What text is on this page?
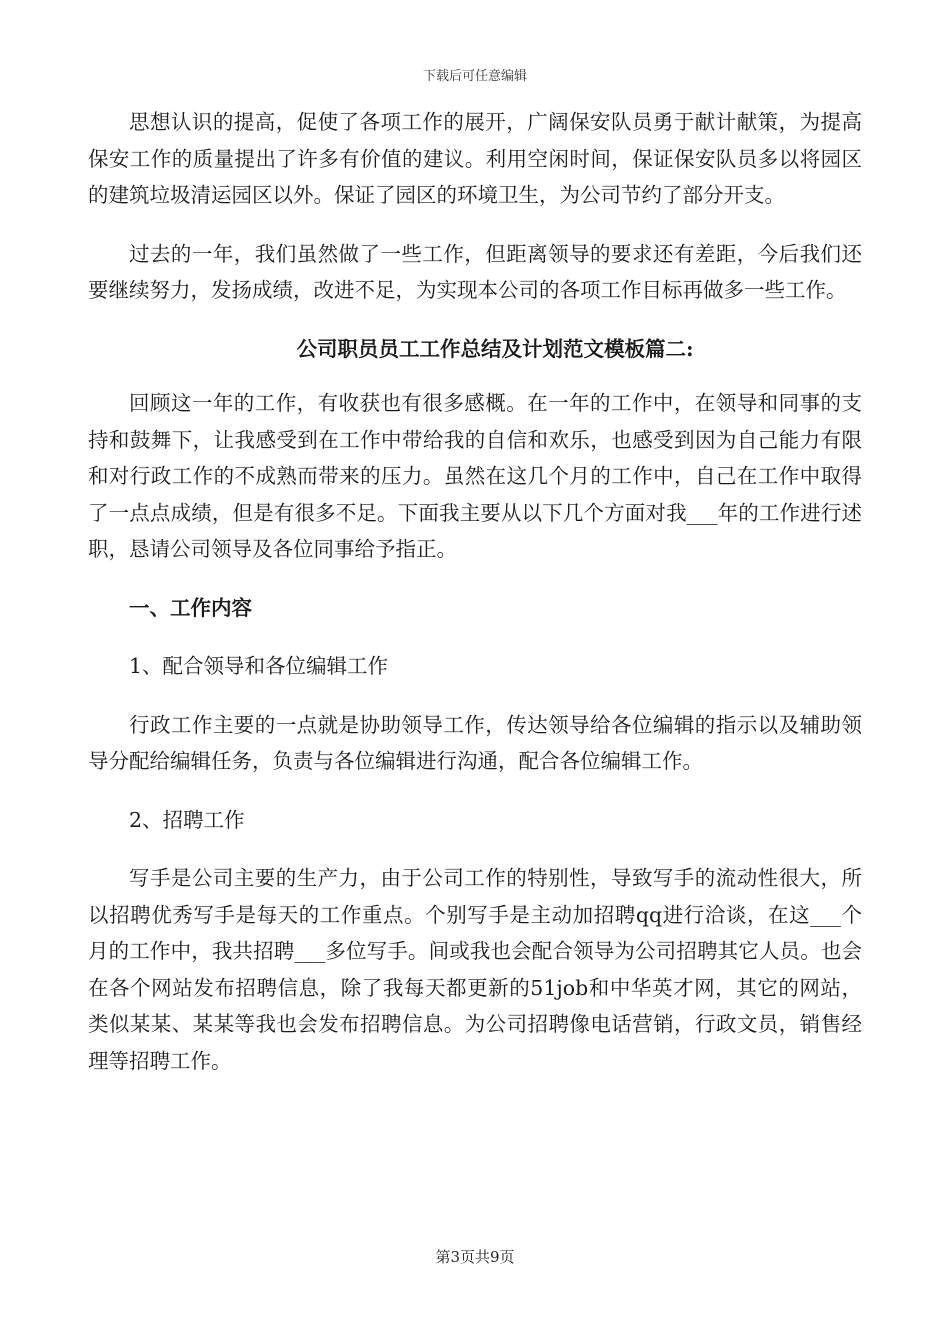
下载后可任意编辑

思想认识的提高，促使了各项工作的展开，广阔保安队员勇于献计献策，为提高保安工作的质量提出了许多有价值的建议。利用空闲时间，保证保安队员多以将园区的建筑垃圾清运园区以外。保证了园区的环境卫生，为公司节约了部分开支。

过去的一年，我们虽然做了一些工作，但距离领导的要求还有差距，今后我们还要继续努力，发扬成绩，改进不足，为实现本公司的各项工作目标再做多一些工作。

公司职员员工工作总结及计划范文模板篇二:

回顾这一年的工作，有收获也有很多感概。在一年的工作中，在领导和同事的支持和鼓舞下，让我感受到在工作中带给我的自信和欢乐，也感受到因为自己能力有限和对行政工作的不成熟而带来的压力。虽然在这几个月的工作中，自己在工作中取得了一点点成绩，但是有很多不足。下面我主要从以下几个方面对我___年的工作进行述职，恳请公司领导及各位同事给予指正。

一、工作内容

1、配合领导和各位编辑工作

行政工作主要的一点就是协助领导工作，传达领导给各位编辑的指示以及辅助领导分配给编辑任务，负责与各位编辑进行沟通，配合各位编辑工作。

2、招聘工作

写手是公司主要的生产力，由于公司工作的特别性，导致写手的流动性很大，所以招聘优秀写手是每天的工作重点。个别写手是主动加招聘qq进行洽谈，在这___个月的工作中，我共招聘___多位写手。间或我也会配合领导为公司招聘其它人员。也会在各个网站发布招聘信息，除了我每天都更新的51job和中华英才网，其它的网站，类似某某、某某等我也会发布招聘信息。为公司招聘像电话营销，行政文员，销售经理等招聘工作。

第3页共9页
